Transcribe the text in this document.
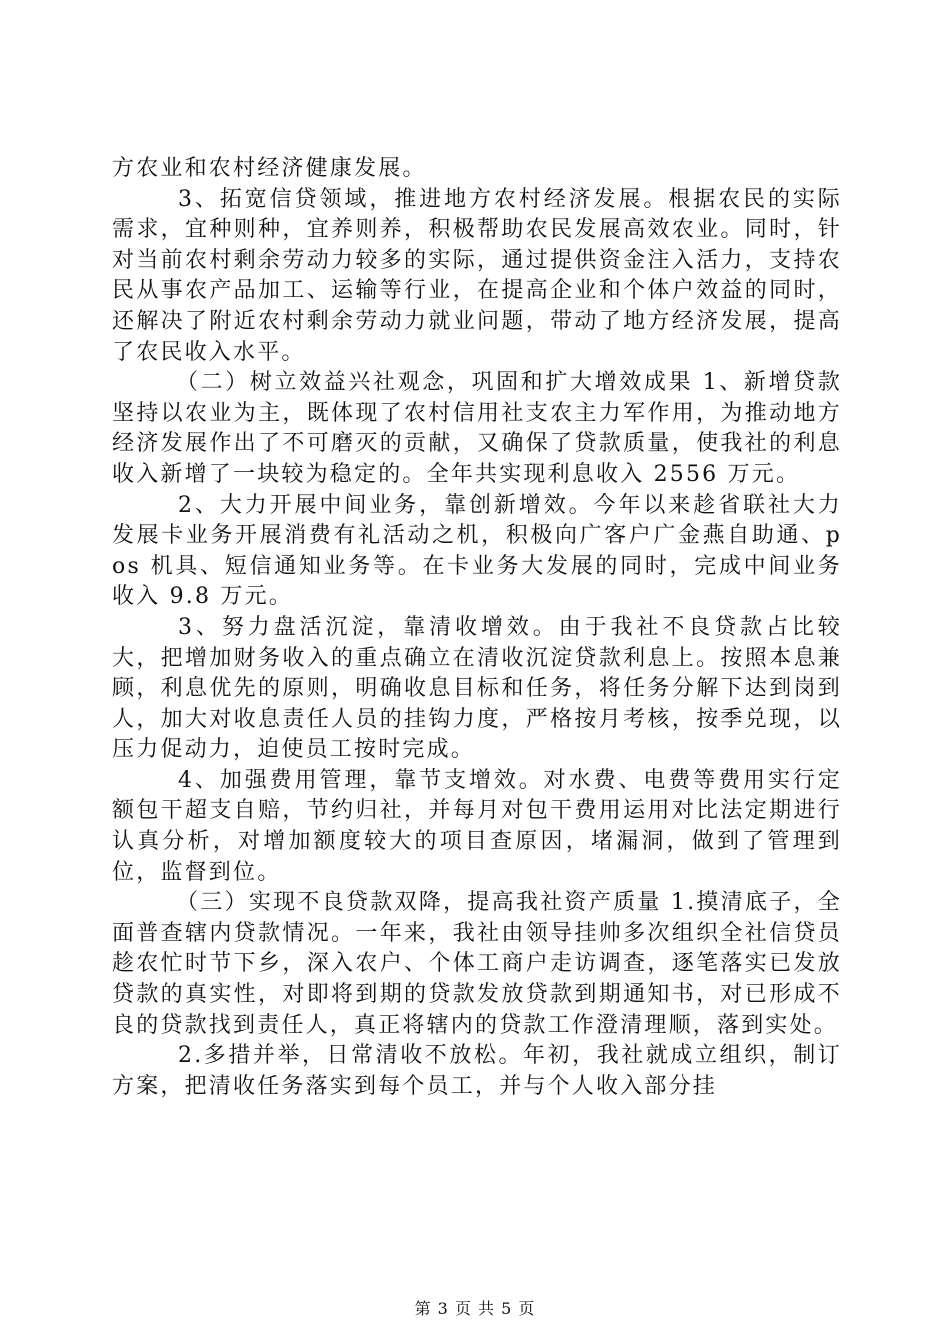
方农业和农村经济健康发展。

3、拓宽信贷领域，推进地方农村经济发展。根据农民的实际需求，宜种则种，宜养则养，积极帮助农民发展高效农业。同时，针对当前农村剩余劳动力较多的实际，通过提供资金注入活力，支持农民从事农产品加工、运输等行业，在提高企业和个体户效益的同时，还解决了附近农村剩余劳动力就业问题，带动了地方经济发展，提高了农民收入水平。

（二）树立效益兴社观念，巩固和扩大增效成果 1、新增贷款坚持以农业为主，既体现了农村信用社支农主力军作用，为推动地方经济发展作出了不可磨灭的贡献，又确保了贷款质量，使我社的利息收入新增了一块较为稳定的。全年共实现利息收入 2556 万元。

2、大力开展中间业务，靠创新增效。今年以来趁省联社大力发展卡业务开展消费有礼活动之机，积极向广客户广金燕自助通、pos 机具、短信通知业务等。在卡业务大发展的同时，完成中间业务收入 9.8 万元。

3、努力盘活沉淀，靠清收增效。由于我社不良贷款占比较大，把增加财务收入的重点确立在清收沉淀贷款利息上。按照本息兼顾，利息优先的原则，明确收息目标和任务，将任务分解下达到岗到人，加大对收息责任人员的挂钩力度，严格按月考核，按季兑现，以压力促动力，迫使员工按时完成。

4、加强费用管理，靠节支增效。对水费、电费等费用实行定额包干超支自赔，节约归社，并每月对包干费用运用对比法定期进行认真分析，对增加额度较大的项目查原因，堵漏洞，做到了管理到位，监督到位。

（三）实现不良贷款双降，提高我社资产质量 1.摸清底子，全面普查辖内贷款情况。一年来，我社由领导挂帅多次组织全社信贷员趁农忙时节下乡，深入农户、个体工商户走访调查，逐笔落实已发放贷款的真实性，对即将到期的贷款发放贷款到期通知书，对已形成不良的贷款找到责任人，真正将辖内的贷款工作澄清理顺，落到实处。

2.多措并举，日常清收不放松。年初，我社就成立组织，制订方案，把清收任务落实到每个员工，并与个人收入部分挂

第 3 页 共 5 页
